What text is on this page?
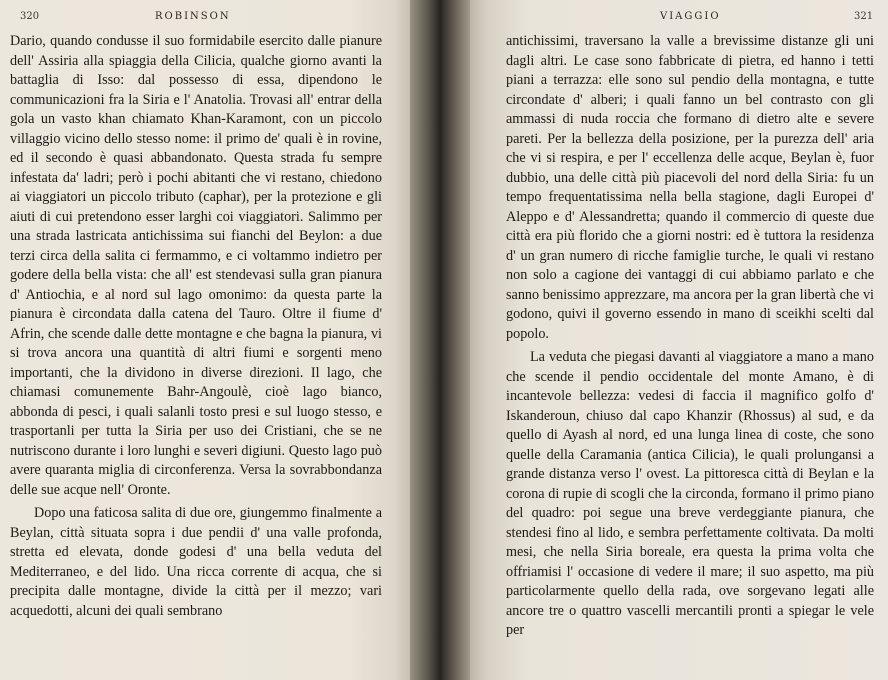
320	ROBINSON

Dario, quando condusse il suo formidabile esercito dalle pianure dell' Assiria alla spiaggia della Cilicia, qualche giorno avanti la battaglia di Isso: dal possesso di essa, dipendono le communicazioni fra la Siria e l' Anatolia. Trovasi all' entrar della gola un vasto khan chiamato Khan-Karamont, con un piccolo villaggio vicino dello stesso nome: il primo de' quali è in rovine, ed il secondo è quasi abbandonato. Questa strada fu sempre infestata da' ladri; però i pochi abitanti che vi restano, chiedono ai viaggiatori un piccolo tributo (caphar), per la protezione e gli aiuti di cui pretendono esser larghi coi viaggiatori. Salimmo per una strada lastricata antichissima sui fianchi del Beylon: a due terzi circa della salita ci fermammo, e ci voltammo indietro per godere della bella vista: che all' est stendevasi sulla gran pianura d' Antiochia, e al nord sul lago omonimo: da questa parte la pianura è circondata dalla catena del Tauro. Oltre il fiume d' Afrin, che scende dalle dette montagne e che bagna la pianura, vi si trova ancora una quantità di altri fiumi e sorgenti meno importanti, che la dividono in diverse direzioni. Il lago, che chiamasi comunemente Bahr-Angoulè, cioè lago bianco, abbonda di pesci, i quali salanli tosto presi e sul luogo stesso, e trasportanli per tutta la Siria per uso dei Cristiani, che se ne nutriscono durante i loro lunghi e severi digiuni. Questo lago può avere quaranta miglia di circonferenza. Versa la sovrabbondanza delle sue acque nell' Oronte.

Dopo una faticosa salita di due ore, giungemmo finalmente a Beylan, città situata sopra i due pendii d' una valle profonda, stretta ed elevata, donde godesi d' una bella veduta del Mediterraneo, e del lido. Una ricca corrente di acqua, che si precipita dalle montagne, divide la città per il mezzo; vari acquedotti, alcuni dei quali sembrano

VIAGGIO	321

antichissimi, traversano la valle a brevissime distanze gli uni dagli altri. Le case sono fabbricate di pietra, ed hanno i tetti piani a terrazza: elle sono sul pendio della montagna, e tutte circondate d' alberi; i quali fanno un bel contrasto con gli ammassi di nuda roccia che formano di dietro alte e severe pareti. Per la bellezza della posizione, per la purezza dell' aria che vi si respira, e per l' eccellenza delle acque, Beylan è, fuor dubbio, una delle città più piacevoli del nord della Siria: fu un tempo frequentatissima nella bella stagione, dagli Europei d' Aleppo e d' Alessandretta; quando il commercio di queste due città era più florido che a giorni nostri: ed è tuttora la residenza d' un gran numero di ricche famiglie turche, le quali vi restano non solo a cagione dei vantaggi di cui abbiamo parlato e che sanno benissimo apprezzare, ma ancora per la gran libertà che vi godono, quivi il governo essendo in mano di sceikhi scelti dal popolo.

La veduta che piegasi davanti al viaggiatore a mano a mano che scende il pendio occidentale del monte Amano, è di incantevole bellezza: vedesi di faccia il magnifico golfo d' Iskanderoun, chiuso dal capo Khanzir (Rhossus) al sud, e da quello di Ayash al nord, ed una lunga linea di coste, che sono quelle della Caramania (antica Cilicia), le quali prolungansi a grande distanza verso l' ovest. La pittoresca città di Beylan e la corona di rupie di scogli che la circonda, formano il primo piano del quadro: poi segue una breve verdeggiante pianura, che stendesi fino al lido, e sembra perfettamente coltivata. Da molti mesi, che nella Siria boreale, era questa la prima volta che offriamisi l' occasione di vedere il mare; il suo aspetto, ma più particolarmente quello della rada, ove sorgevano legati alle ancore tre o quattro vascelli mercantili pronti a spiegar le vele per
